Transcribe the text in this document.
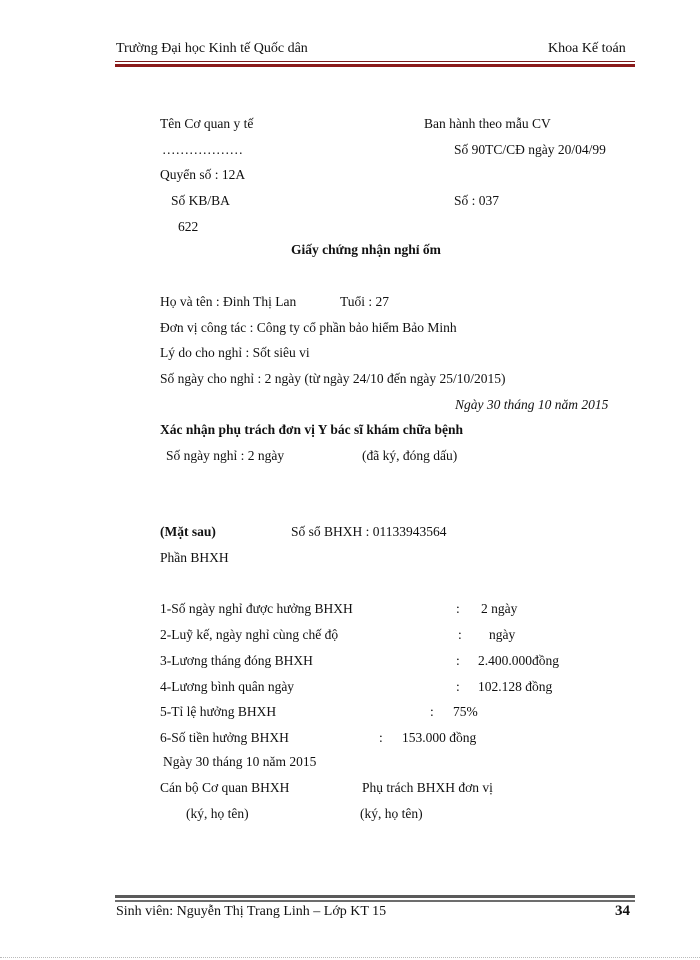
Trường Đại học Kinh tế Quốc dân	Khoa Kế toán
Tên Cơ quan y tế	Ban hành theo mẫu CV
………………	Số 90TC/CĐ ngày 20/04/99
Quyển số : 12A
Số KB/BA	Số : 037
622
Giấy chứng nhận nghỉ ốm
Họ và tên : Đinh Thị Lan	Tuổi : 27
Đơn vị công tác : Công ty cổ phần bảo hiểm Bảo Minh
Lý do cho nghỉ : Sốt siêu vi
Số ngày cho nghỉ : 2 ngày (từ ngày 24/10 đến ngày 25/10/2015)
Ngày 30 tháng 10 năm 2015
Xác nhận phụ trách đơn vị Y bác sĩ khám chữa bệnh
Số ngày nghỉ : 2 ngày	(đã ký, đóng dấu)
(Mặt sau)	Số sổ BHXH : 01133943564
Phần BHXH
1-Số ngày nghỉ được hưởng BHXH	: 2 ngày
2-Luỹ kế, ngày nghỉ cùng chế độ	: ngày
3-Lương tháng đóng BHXH	: 2.400.000đồng
4-Lương bình quân ngày	: 102.128 đồng
5-Tỉ lệ hưởng BHXH	: 75%
6-Số tiền hưởng BHXH	: 153.000 đồng
Ngày 30 tháng 10 năm 2015
Cán bộ Cơ quan BHXH	Phụ trách BHXH đơn vị
(ký, họ tên)	(ký, họ tên)
Sinh viên: Nguyễn Thị Trang Linh – Lớp KT 15	34
